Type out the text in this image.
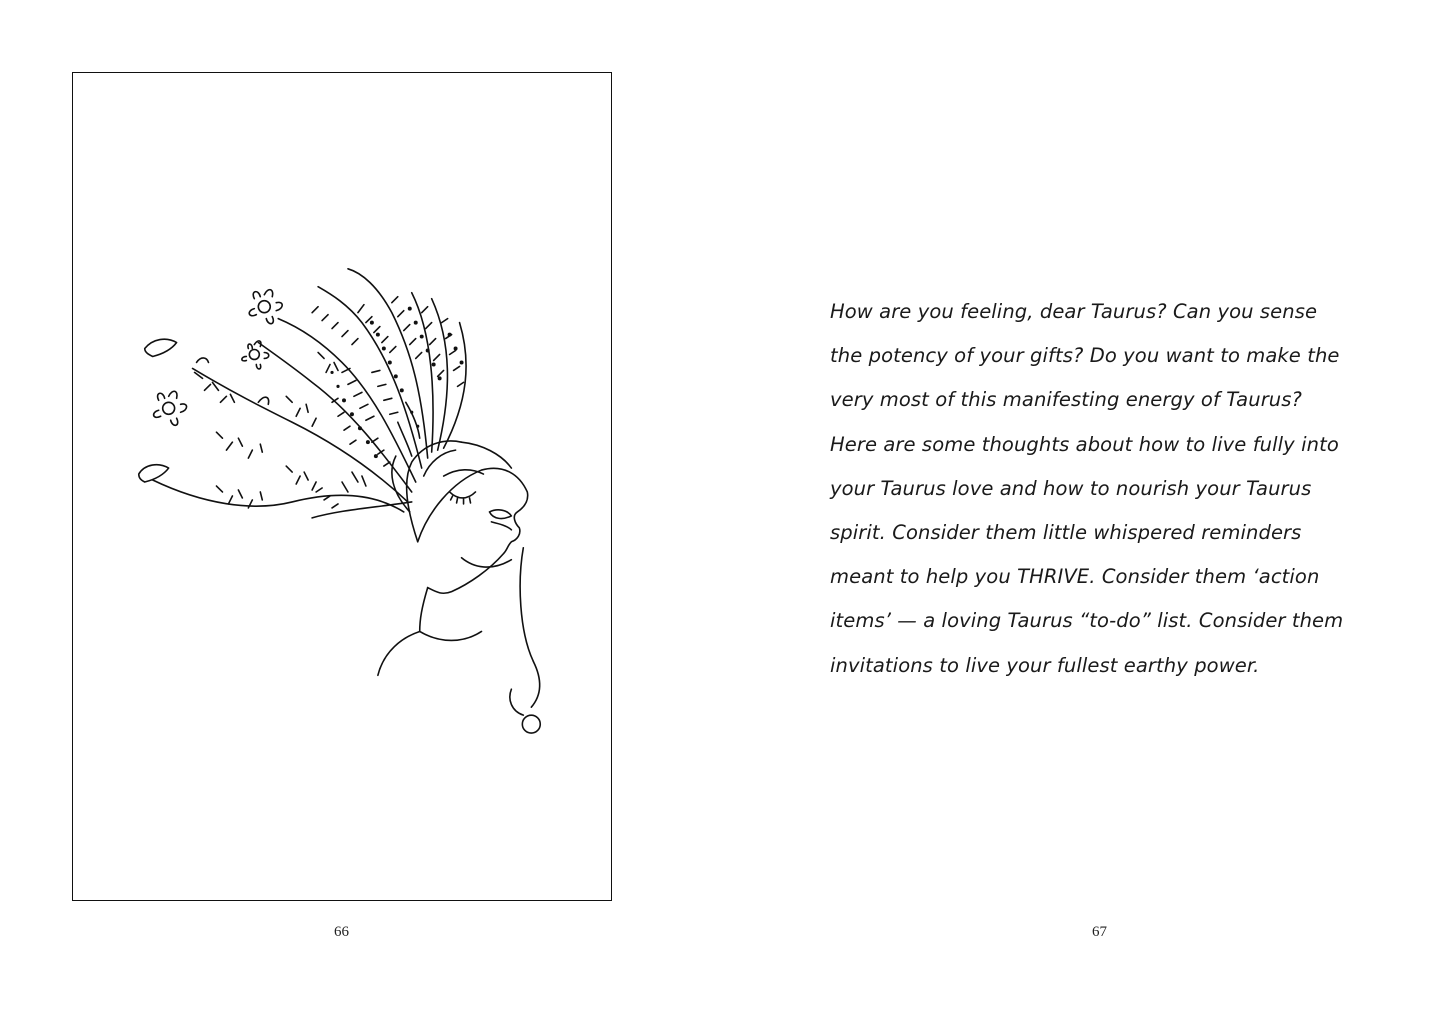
66
How are you feeling, dear Taurus? Can you sense
the potency of your gifts? Do you want to make the
very most of this manifesting energy of Taurus?
Here are some thoughts about how to live fully into
your Taurus love and how to nourish your Taurus
spirit. Consider them little whispered reminders
meant to help you THRIVE. Consider them ‘action
items’ — a loving Taurus “to-do” list. Consider them
invitations to live your fullest earthy power.
67
